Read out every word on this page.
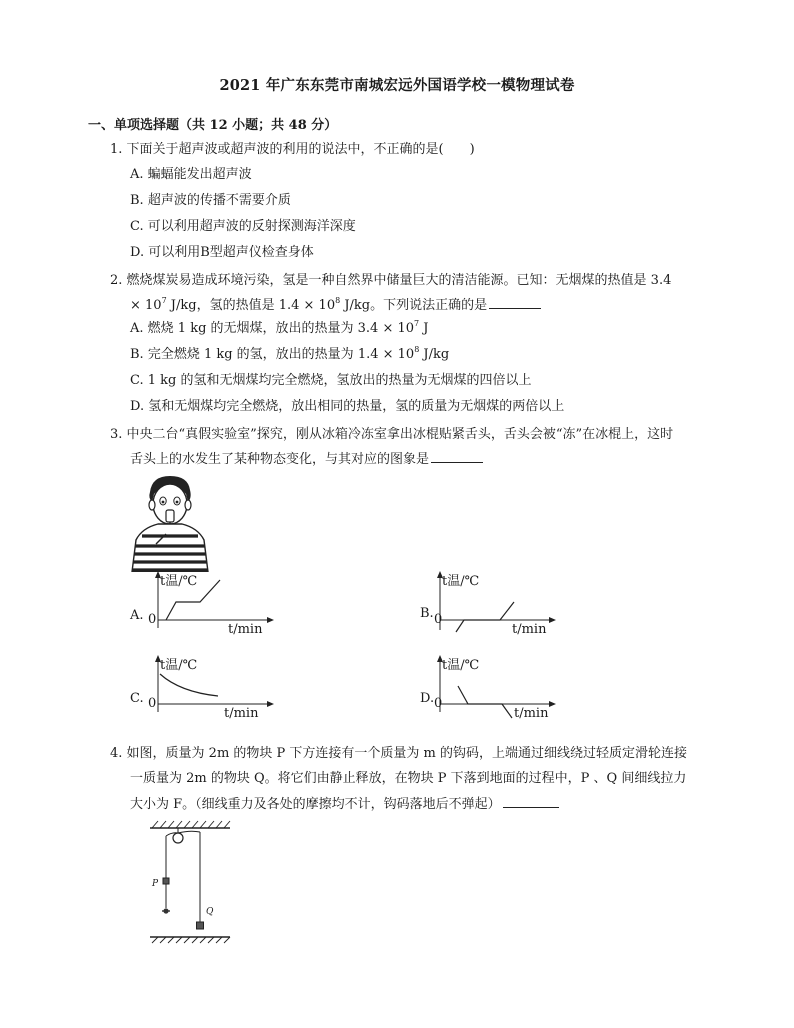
2021 年广东东莞市南城宏远外国语学校一模物理试卷
一、单项选择题（共 12 小题；共 48 分）
1. 下面关于超声波或超声波的利用的说法中，不正确的是(　　)
A. 蝙蝠能发出超声波
B. 超声波的传播不需要介质
C. 可以利用超声波的反射探测海洋深度
D. 可以利用B型超声仪检查身体
2. 燃烧煤炭易造成环境污染，氢是一种自然界中储量巨大的清洁能源。已知：无烟煤的热值是 3.4
× $10^7$ J/kg，氢的热值是 $1.4 \times 10^8$ J/kg。下列说法正确的是
A. 燃烧 1 kg 的无烟煤，放出的热量为 $3.4 \times 10^7$ J
B. 完全燃烧 1 kg 的氢，放出的热量为 $1.4 \times 10^8$ J/kg
C. 1 kg 的氢和无烟煤均完全燃烧，氢放出的热量为无烟煤的四倍以上
D. 氢和无烟煤均完全燃烧，放出相同的热量，氢的质量为无烟煤的两倍以上
3. 中央二台“真假实验室”探究，刚从冰箱冷冻室拿出冰棍贴紧舌头，舌头会被“冻”在冰棍上，这时
舌头上的水发生了某种物态变化，与其对应的图象是
A.
t温/℃
0
t/min
B.
t温/℃
0
t/min
C.
t温/℃
0
t/min
D.
t温/℃
0
t/min
4. 如图，质量为 2m 的物块 P 下方连接有一个质量为 m 的钩码，上端通过细线绕过轻质定滑轮连接
一质量为 2m 的物块 Q。将它们由静止释放，在物块 P 下落到地面的过程中，P 、Q 间细线拉力
大小为 F。（细线重力及各处的摩擦均不计，钩码落地后不弹起）
P
Q
